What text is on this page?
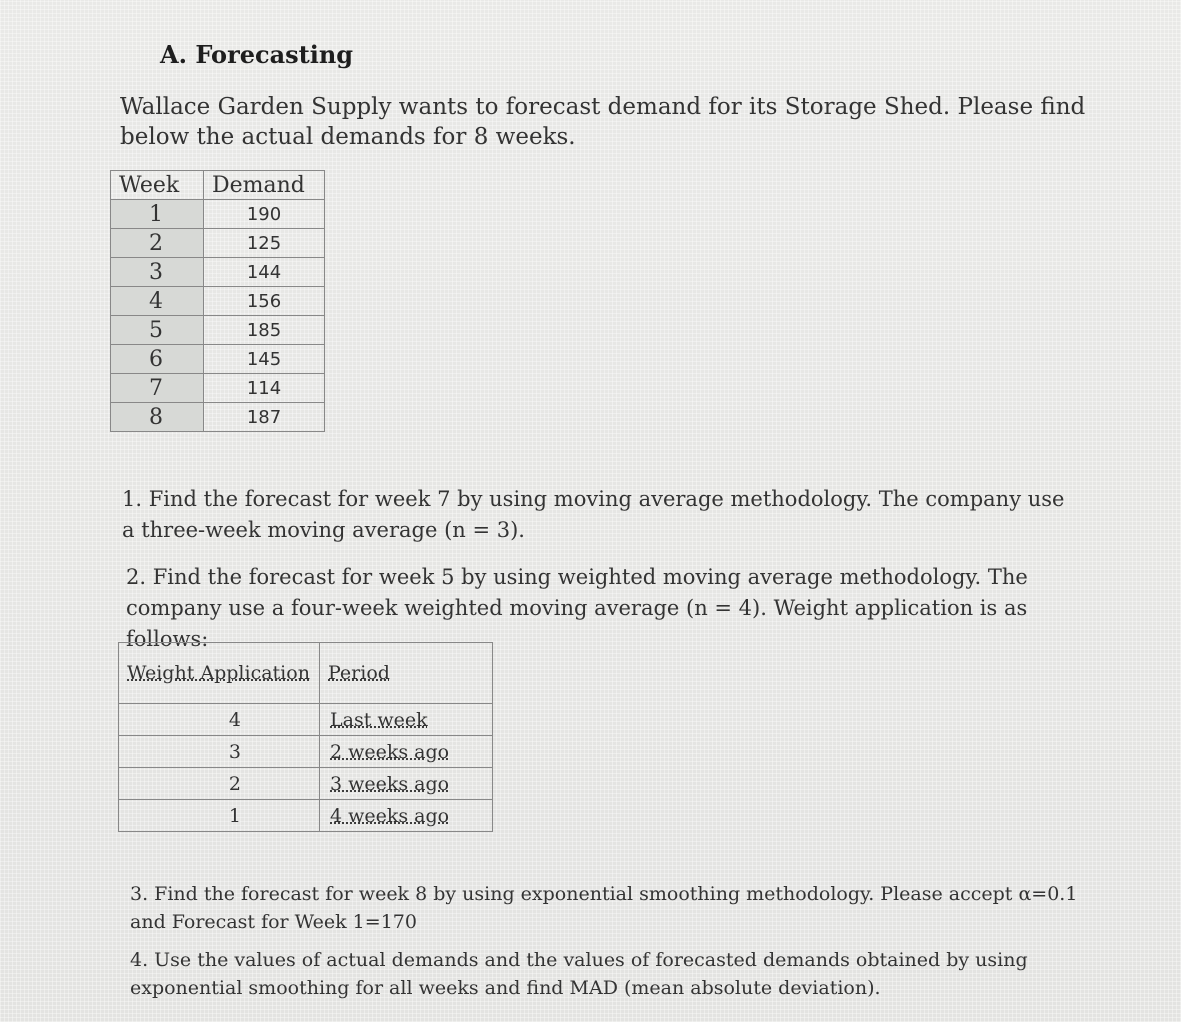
A. Forecasting
Wallace Garden Supply wants to forecast demand for its Storage Shed. Please find below the actual demands for 8 weeks.
Week	Demand
1	190
2	125
3	144
4	156
5	185
6	145
7	114
8	187
1. Find the forecast for week 7 by using moving average methodology. The company use a three-week moving average (n = 3).
2. Find the forecast for week 5 by using weighted moving average methodology. The company use a four-week weighted moving average (n = 4). Weight application is as follows:
Weight Application	Period
4	Last week
3	2 weeks ago
2	3 weeks ago
1	4 weeks ago
3. Find the forecast for week 8 by using exponential smoothing methodology. Please accept α=0.1 and Forecast for Week 1=170
4. Use the values of actual demands and the values of forecasted demands obtained by using exponential smoothing for all weeks and find MAD (mean absolute deviation).
